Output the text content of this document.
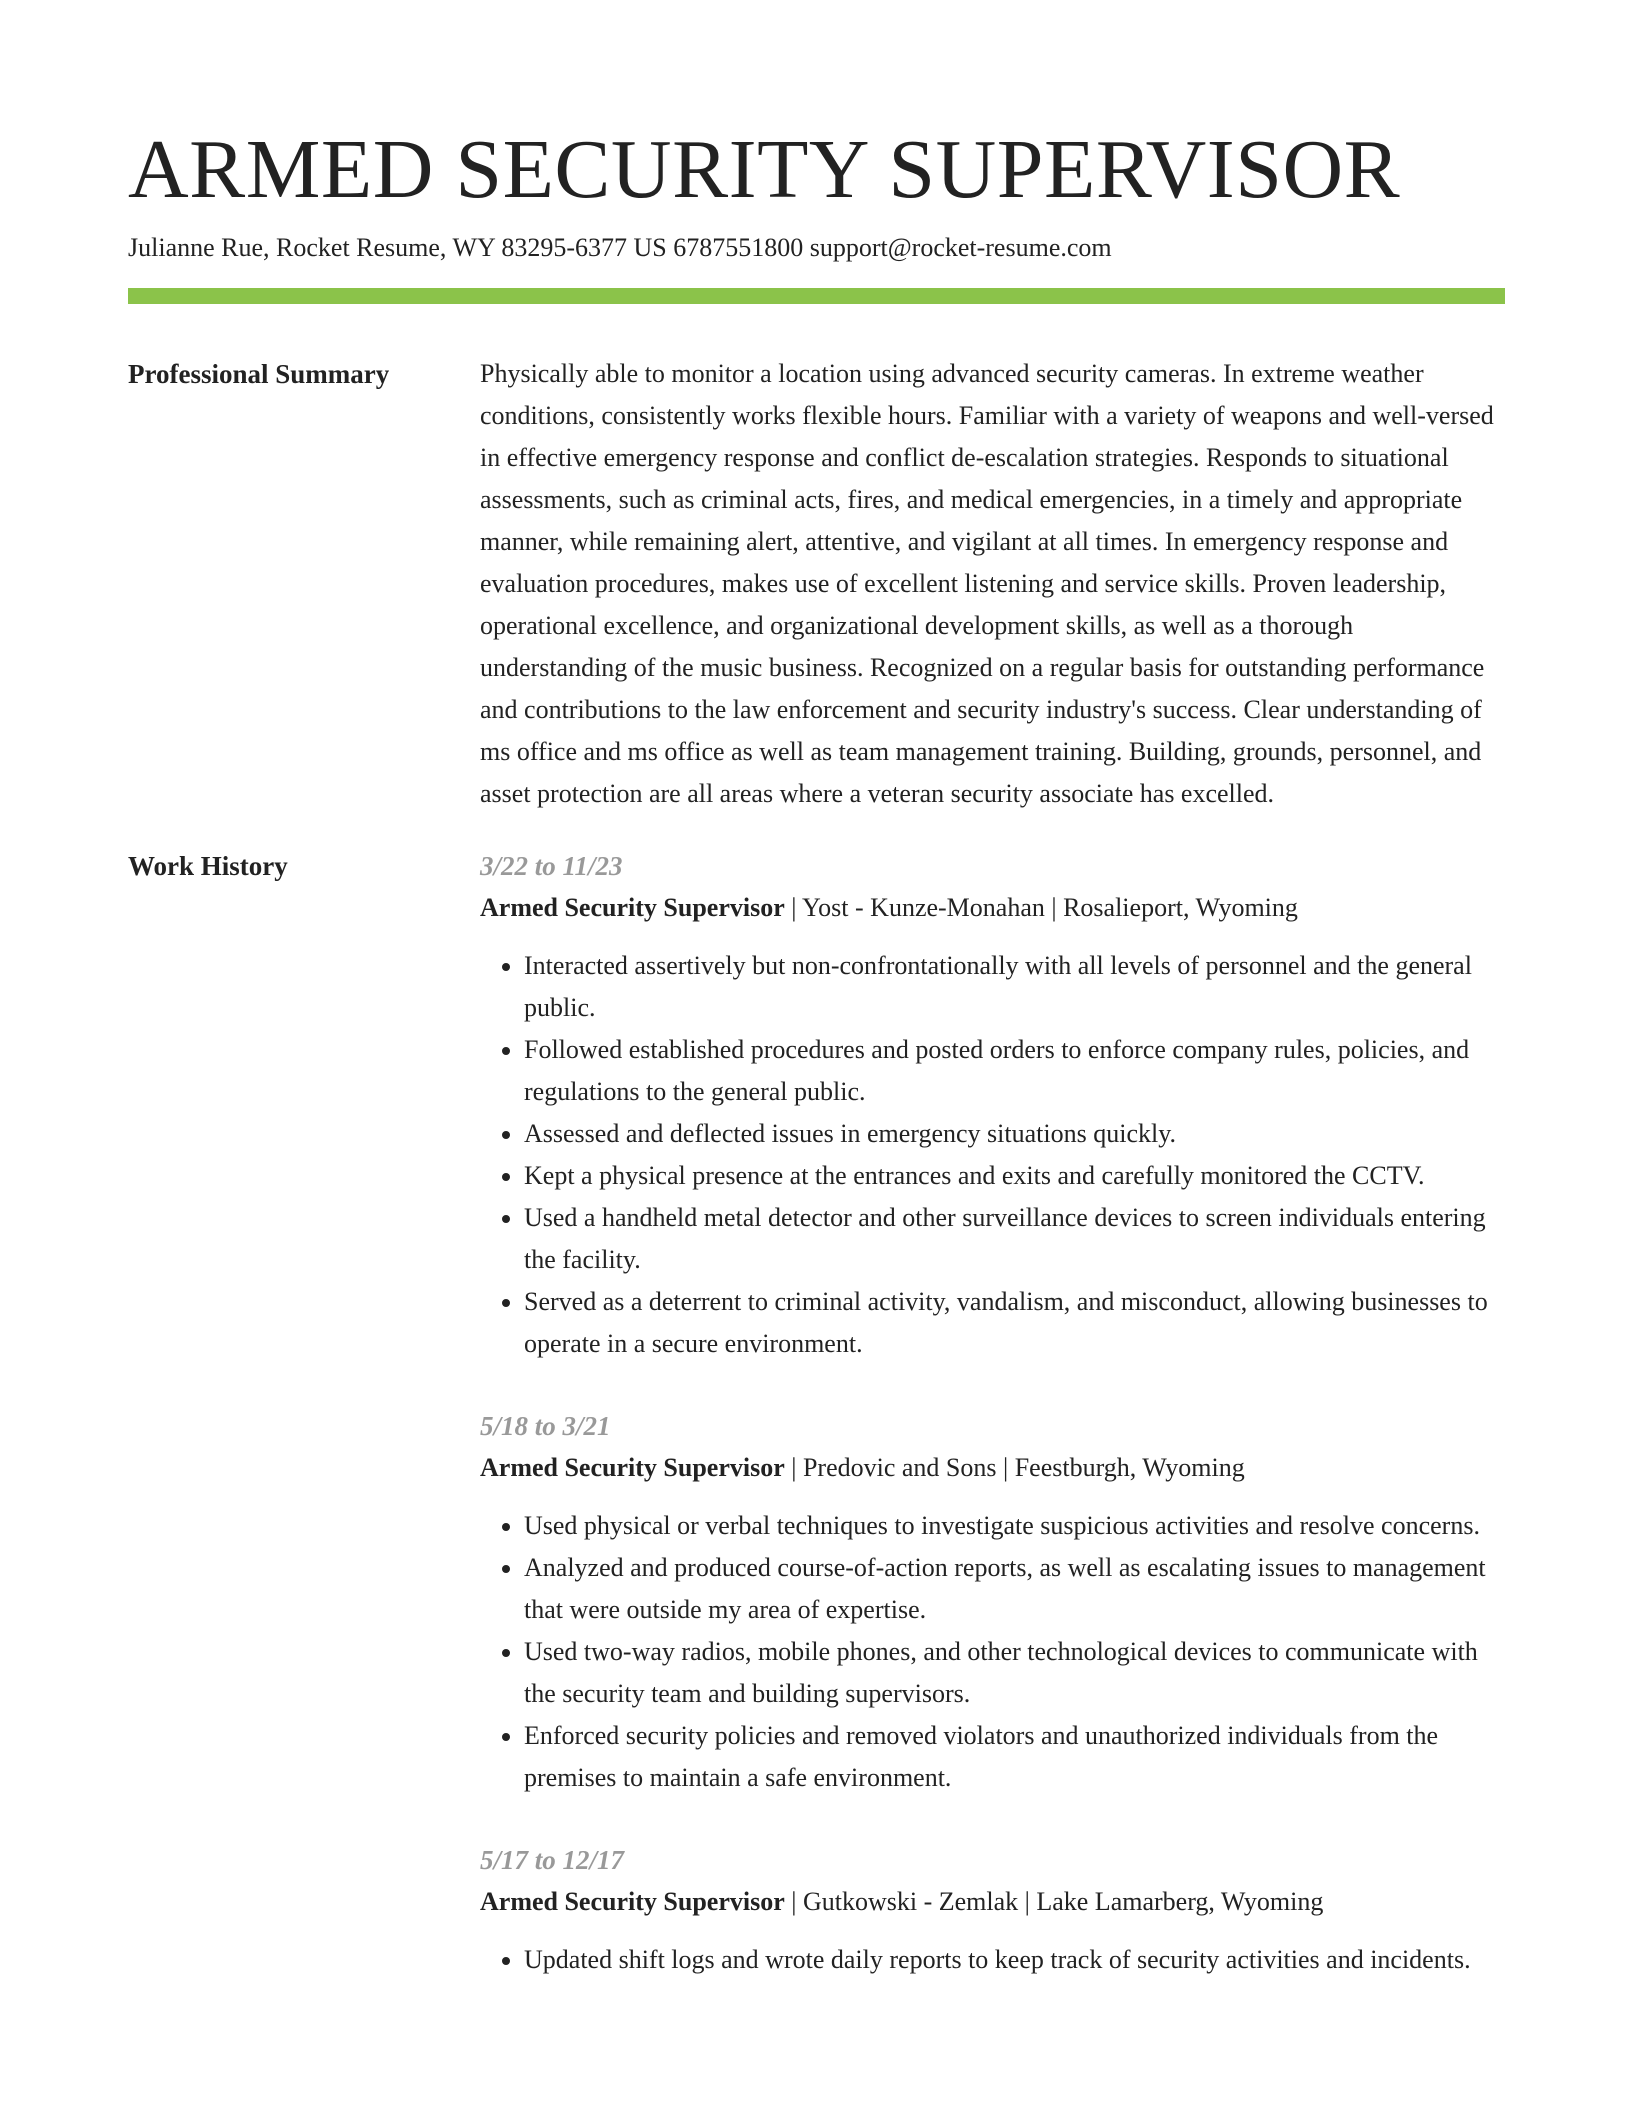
ARMED SECURITY SUPERVISOR
Julianne Rue, Rocket Resume, WY 83295-6377 US 6787551800 support@rocket-resume.com
Professional Summary	Physically able to monitor a location using advanced security cameras. In extreme weather conditions, consistently works flexible hours. Familiar with a variety of weapons and well-versed in effective emergency response and conflict de-escalation strategies. Responds to situational assessments, such as criminal acts, fires, and medical emergencies, in a timely and appropriate manner, while remaining alert, attentive, and vigilant at all times. In emergency response and evaluation procedures, makes use of excellent listening and service skills. Proven leadership, operational excellence, and organizational development skills, as well as a thorough understanding of the music business. Recognized on a regular basis for outstanding performance and contributions to the law enforcement and security industry's success. Clear understanding of ms office and ms office as well as team management training. Building, grounds, personnel, and asset protection are all areas where a veteran security associate has excelled.
Work History	3/22 to 11/23
Armed Security Supervisor | Yost - Kunze-Monahan | Rosalieport, Wyoming
• Interacted assertively but non-confrontationally with all levels of personnel and the general public.
• Followed established procedures and posted orders to enforce company rules, policies, and regulations to the general public.
• Assessed and deflected issues in emergency situations quickly.
• Kept a physical presence at the entrances and exits and carefully monitored the CCTV.
• Used a handheld metal detector and other surveillance devices to screen individuals entering the facility.
• Served as a deterrent to criminal activity, vandalism, and misconduct, allowing businesses to operate in a secure environment.
5/18 to 3/21
Armed Security Supervisor | Predovic and Sons | Feestburgh, Wyoming
• Used physical or verbal techniques to investigate suspicious activities and resolve concerns.
• Analyzed and produced course-of-action reports, as well as escalating issues to management that were outside my area of expertise.
• Used two-way radios, mobile phones, and other technological devices to communicate with the security team and building supervisors.
• Enforced security policies and removed violators and unauthorized individuals from the premises to maintain a safe environment.
5/17 to 12/17
Armed Security Supervisor | Gutkowski - Zemlak | Lake Lamarberg, Wyoming
• Updated shift logs and wrote daily reports to keep track of security activities and incidents.
